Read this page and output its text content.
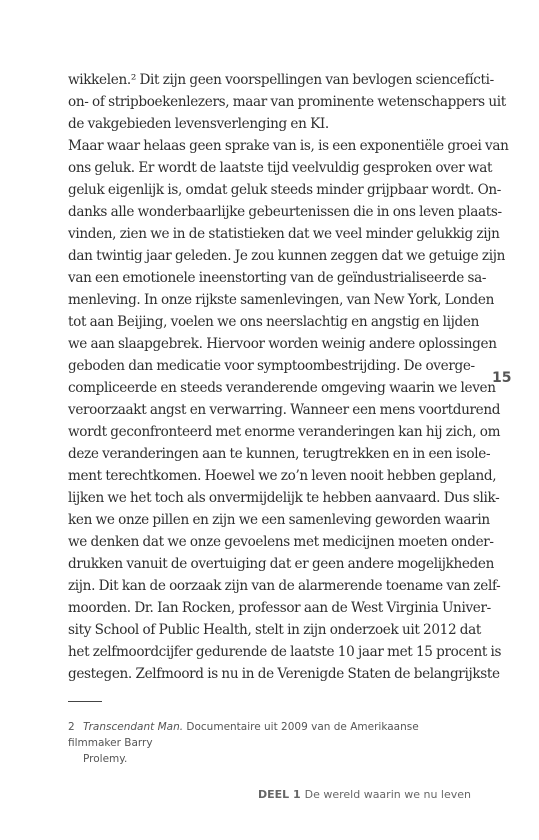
wikkelen.² Dit zijn geen voorspellingen van bevlogen sciencefícti-
on- of stripboekenlezers, maar van prominente wetenschappers uit
de vakgebieden levensverlenging en KI.
Maar waar helaas geen sprake van is, is een exponentiële groei van
ons geluk. Er wordt de laatste tijd veelvuldig gesproken over wat
geluk eigenlijk is, omdat geluk steeds minder grijpbaar wordt. On-
danks alle wonderbaarlijke gebeurtenissen die in ons leven plaats-
vinden, zien we in de statistieken dat we veel minder gelukkig zijn
dan twintig jaar geleden. Je zou kunnen zeggen dat we getuige zijn
van een emotionele ineenstorting van de geïndustrialiseerde sa-
menleving. In onze rijkste samenlevingen, van New York, Londen
tot aan Beijing, voelen we ons neerslachtig en angstig en lijden
we aan slaapgebrek. Hiervoor worden weinig andere oplossingen
geboden dan medicatie voor symptoombestrijding. De overge-
compliceerde en steeds veranderende omgeving waarin we leven
veroorzaakt angst en verwarring. Wanneer een mens voortdurend
wordt geconfronteerd met enorme veranderingen kan hij zich, om
deze veranderingen aan te kunnen, terugtrekken en in een isole-
ment terechtkomen. Hoewel we zo’n leven nooit hebben gepland,
lijken we het toch als onvermijdelijk te hebben aanvaard. Dus slik-
ken we onze pillen en zijn we een samenleving geworden waarin
we denken dat we onze gevoelens met medicijnen moeten onder-
drukken vanuit de overtuiging dat er geen andere mogelijkheden
zijn. Dit kan de oorzaak zijn van de alarmerende toename van zelf-
moorden. Dr. Ian Rocken, professor aan de West Virginia Univer-
sity School of Public Health, stelt in zijn onderzoek uit 2012 dat
het zelfmoordcijfer gedurende de laatste 10 jaar met 15 procent is
gestegen. Zelfmoord is nu in de Verenigde Staten de belangrijkste
15
2 Transcendant Man. Documentaire uit 2009 van de Amerikaanse filmmaker Barry
Prolemy.
DEEL 1 De wereld waarin we nu leven
